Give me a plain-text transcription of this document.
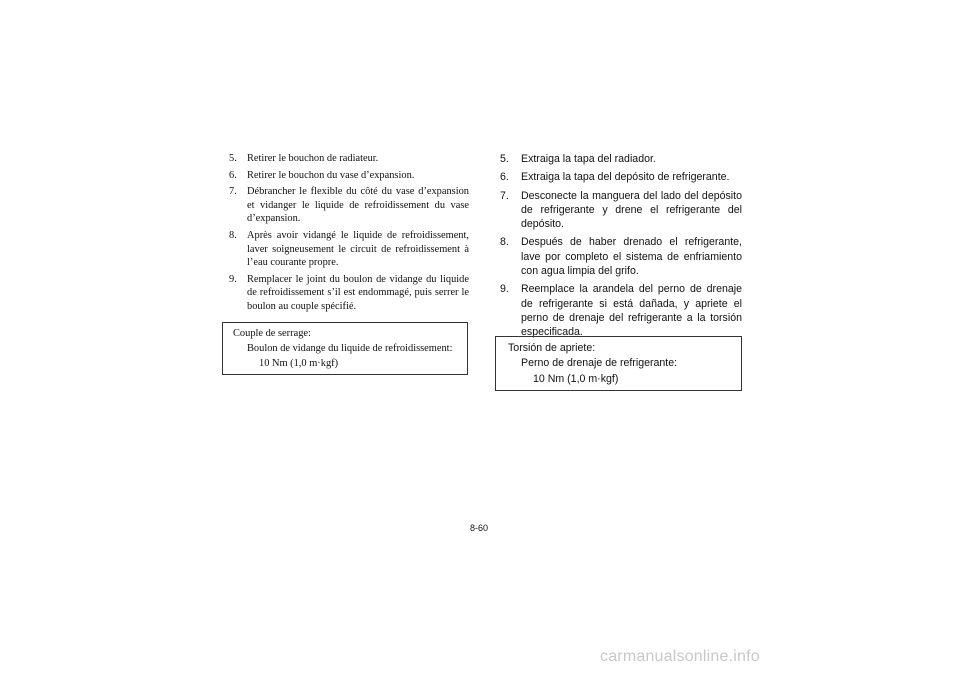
5. Retirer le bouchon de radiateur.
6. Retirer le bouchon du vase d’expansion.
7. Débrancher le flexible du côté du vase d’expansion et vidanger le liquide de refroidissement du vase d’expansion.
8. Après avoir vidangé le liquide de refroidissement, laver soigneusement le circuit de refroidissement à l’eau courante propre.
9. Remplacer le joint du boulon de vidange du liquide de refroidissement s’il est endommagé, puis serrer le boulon au couple spécifié.
Couple de serrage:
Boulon de vidange du liquide de refroidissement:
10 Nm (1,0 m·kgf)
5.	Extraiga la tapa del radiador.
6.	Extraiga la tapa del depósito de refrigerante.
7.	Desconecte la manguera del lado del depósito de refrigerante y drene el refrigerante del depósito.
8.	Después de haber drenado el refrigerante, lave por completo el sistema de enfriamiento con agua limpia del grifo.
9.	Reemplace la arandela del perno de drenaje de refrigerante si está dañada, y apriete el perno de drenaje del refrigerante a la torsión especificada.
Torsión de apriete:
Perno de drenaje de refrigerante:
10 Nm (1,0 m·kgf)
8-60
carmanualsonline.info
